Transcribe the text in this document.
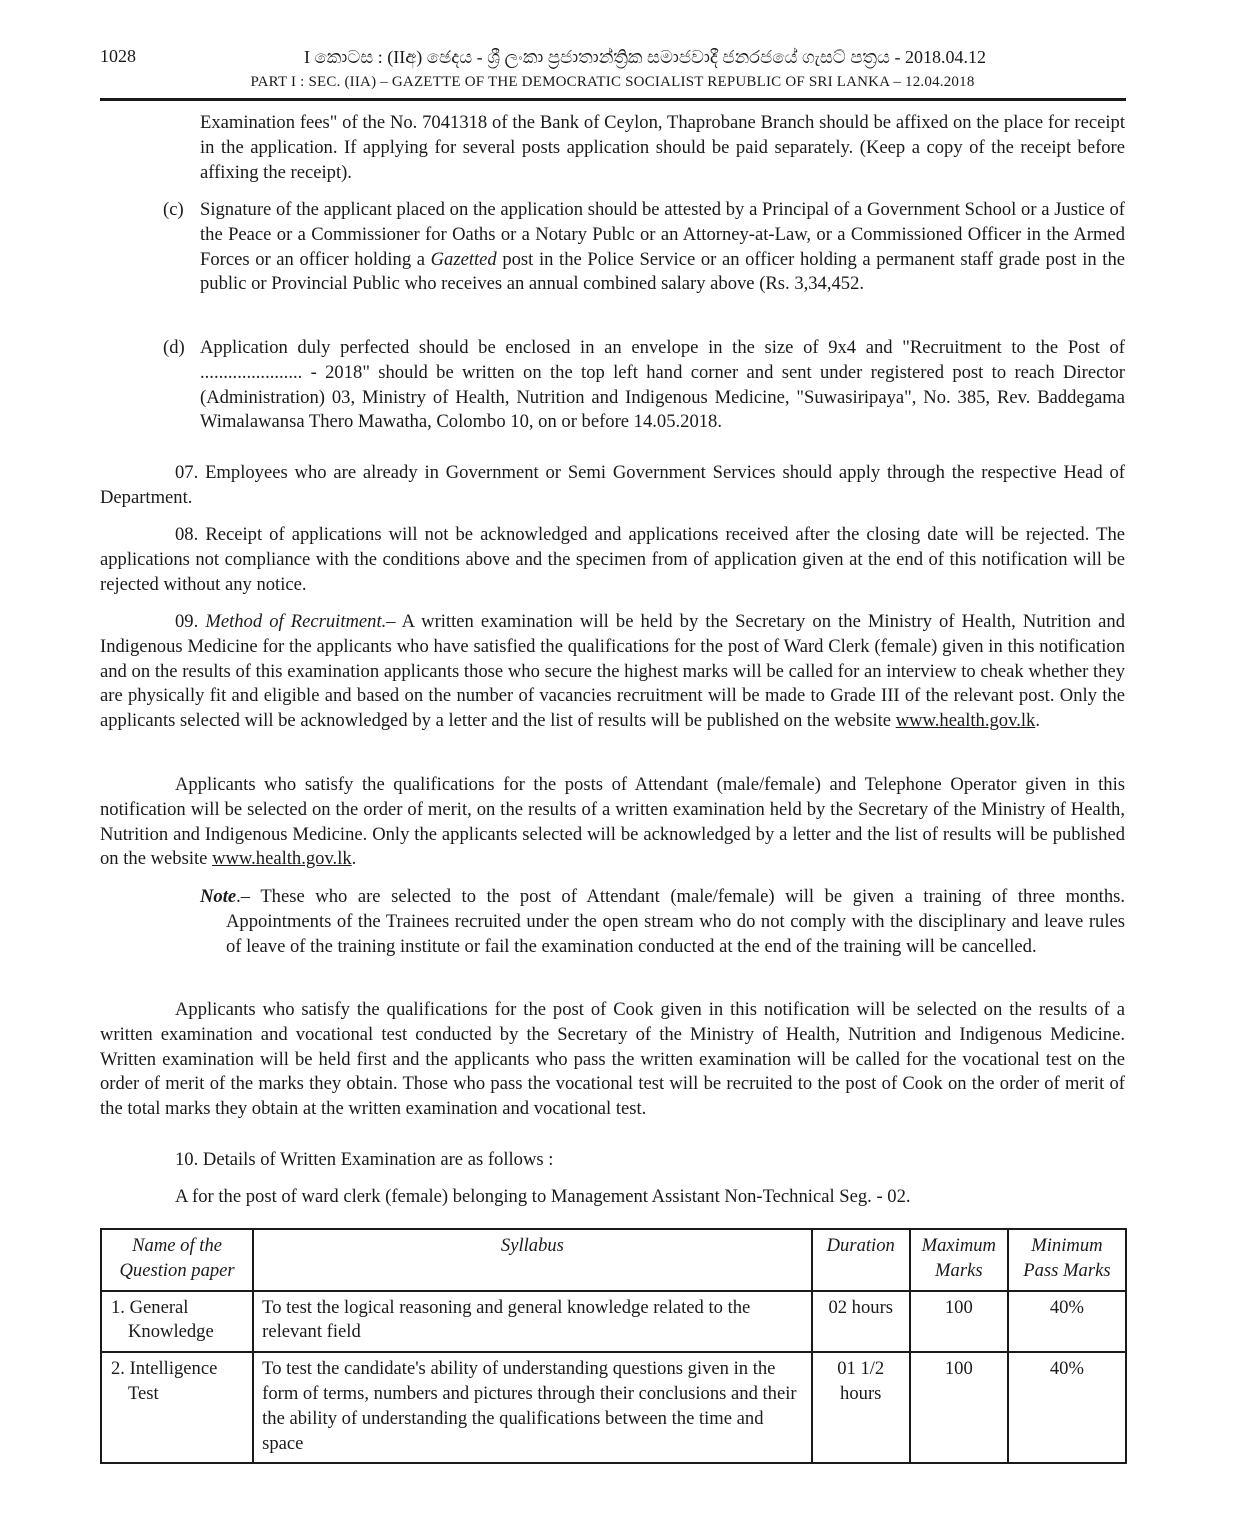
1028	I කොටස : (IIඅ) ඡෙදය - ශ්‍රී ලංකා ප්‍රජාතාන්ත්‍රික සමාජවාදී ජනරජයේ ගැසට් පත්‍රය - 2018.04.12
PART I : SEC. (IIA) – GAZETTE OF THE DEMOCRATIC SOCIALIST REPUBLIC OF SRI LANKA – 12.04.2018
Examination fees" of the No. 7041318 of the Bank of Ceylon, Thaprobane Branch should be affixed on the place for receipt in the application. If applying for several posts application should be paid separately. (Keep a copy of the receipt before affixing the receipt).
(c) Signature of the applicant placed on the application should be attested by a Principal of a Government School or a Justice of the Peace or a Commissioner for Oaths or a Notary Publc or an Attorney-at-Law, or a Commissioned Officer in the Armed Forces or an officer holding a Gazetted post in the Police Service or an officer holding a permanent staff grade post in the public or Provincial Public who receives an annual combined salary above (Rs. 3,34,452.
(d) Application duly perfected should be enclosed in an envelope in the size of 9x4 and "Recruitment to the Post of ...................... - 2018" should be written on the top left hand corner and sent under registered post to reach Director (Administration) 03, Ministry of Health, Nutrition and Indigenous Medicine, "Suwasiripaya", No. 385, Rev. Baddegama Wimalawansa Thero Mawatha, Colombo 10, on or before 14.05.2018.
07. Employees who are already in Government or Semi Government Services should apply through the respective Head of Department.
08. Receipt of applications will not be acknowledged and applications received after the closing date will be rejected. The applications not compliance with the conditions above and the specimen from of application given at the end of this notification will be rejected without any notice.
09. Method of Recruitment.– A written examination will be held by the Secretary on the Ministry of Health, Nutrition and Indigenous Medicine for the applicants who have satisfied the qualifications for the post of Ward Clerk (female) given in this notification and on the results of this examination applicants those who secure the highest marks will be called for an interview to cheak whether they are physically fit and eligible and based on the number of vacancies recruitment will be made to Grade III of the relevant post. Only the applicants selected will be acknowledged by a letter and the list of results will be published on the website www.health.gov.lk.
Applicants who satisfy the qualifications for the posts of Attendant (male/female) and Telephone Operator given in this notification will be selected on the order of merit, on the results of a written examination held by the Secretary of the Ministry of Health, Nutrition and Indigenous Medicine. Only the applicants selected will be acknowledged by a letter and the list of results will be published on the website www.health.gov.lk.
Note.– These who are selected to the post of Attendant (male/female) will be given a training of three months. Appointments of the Trainees recruited under the open stream who do not comply with the disciplinary and leave rules of leave of the training institute or fail the examination conducted at the end of the training will be cancelled.
Applicants who satisfy the qualifications for the post of Cook given in this notification will be selected on the results of a written examination and vocational test conducted by the Secretary of the Ministry of Health, Nutrition and Indigenous Medicine. Written examination will be held first and the applicants who pass the written examination will be called for the vocational test on the order of merit of the marks they obtain. Those who pass the vocational test will be recruited to the post of Cook on the order of merit of the total marks they obtain at the written examination and vocational test.
10. Details of Written Examination are as follows :
A for the post of ward clerk (female) belonging to Management Assistant Non-Technical Seg. - 02.
Name of the Question paper	Syllabus	Duration	Maximum Marks	Minimum Pass Marks
1. General Knowledge	To test the logical reasoning and general knowledge related to the relevant field	02 hours	100	40%
2. Intelligence Test	To test the candidate's ability of understanding questions given in the form of terms, numbers and pictures through their conclusions and their the ability of understanding the qualifications between the time and space	01 1/2 hours	100	40%
